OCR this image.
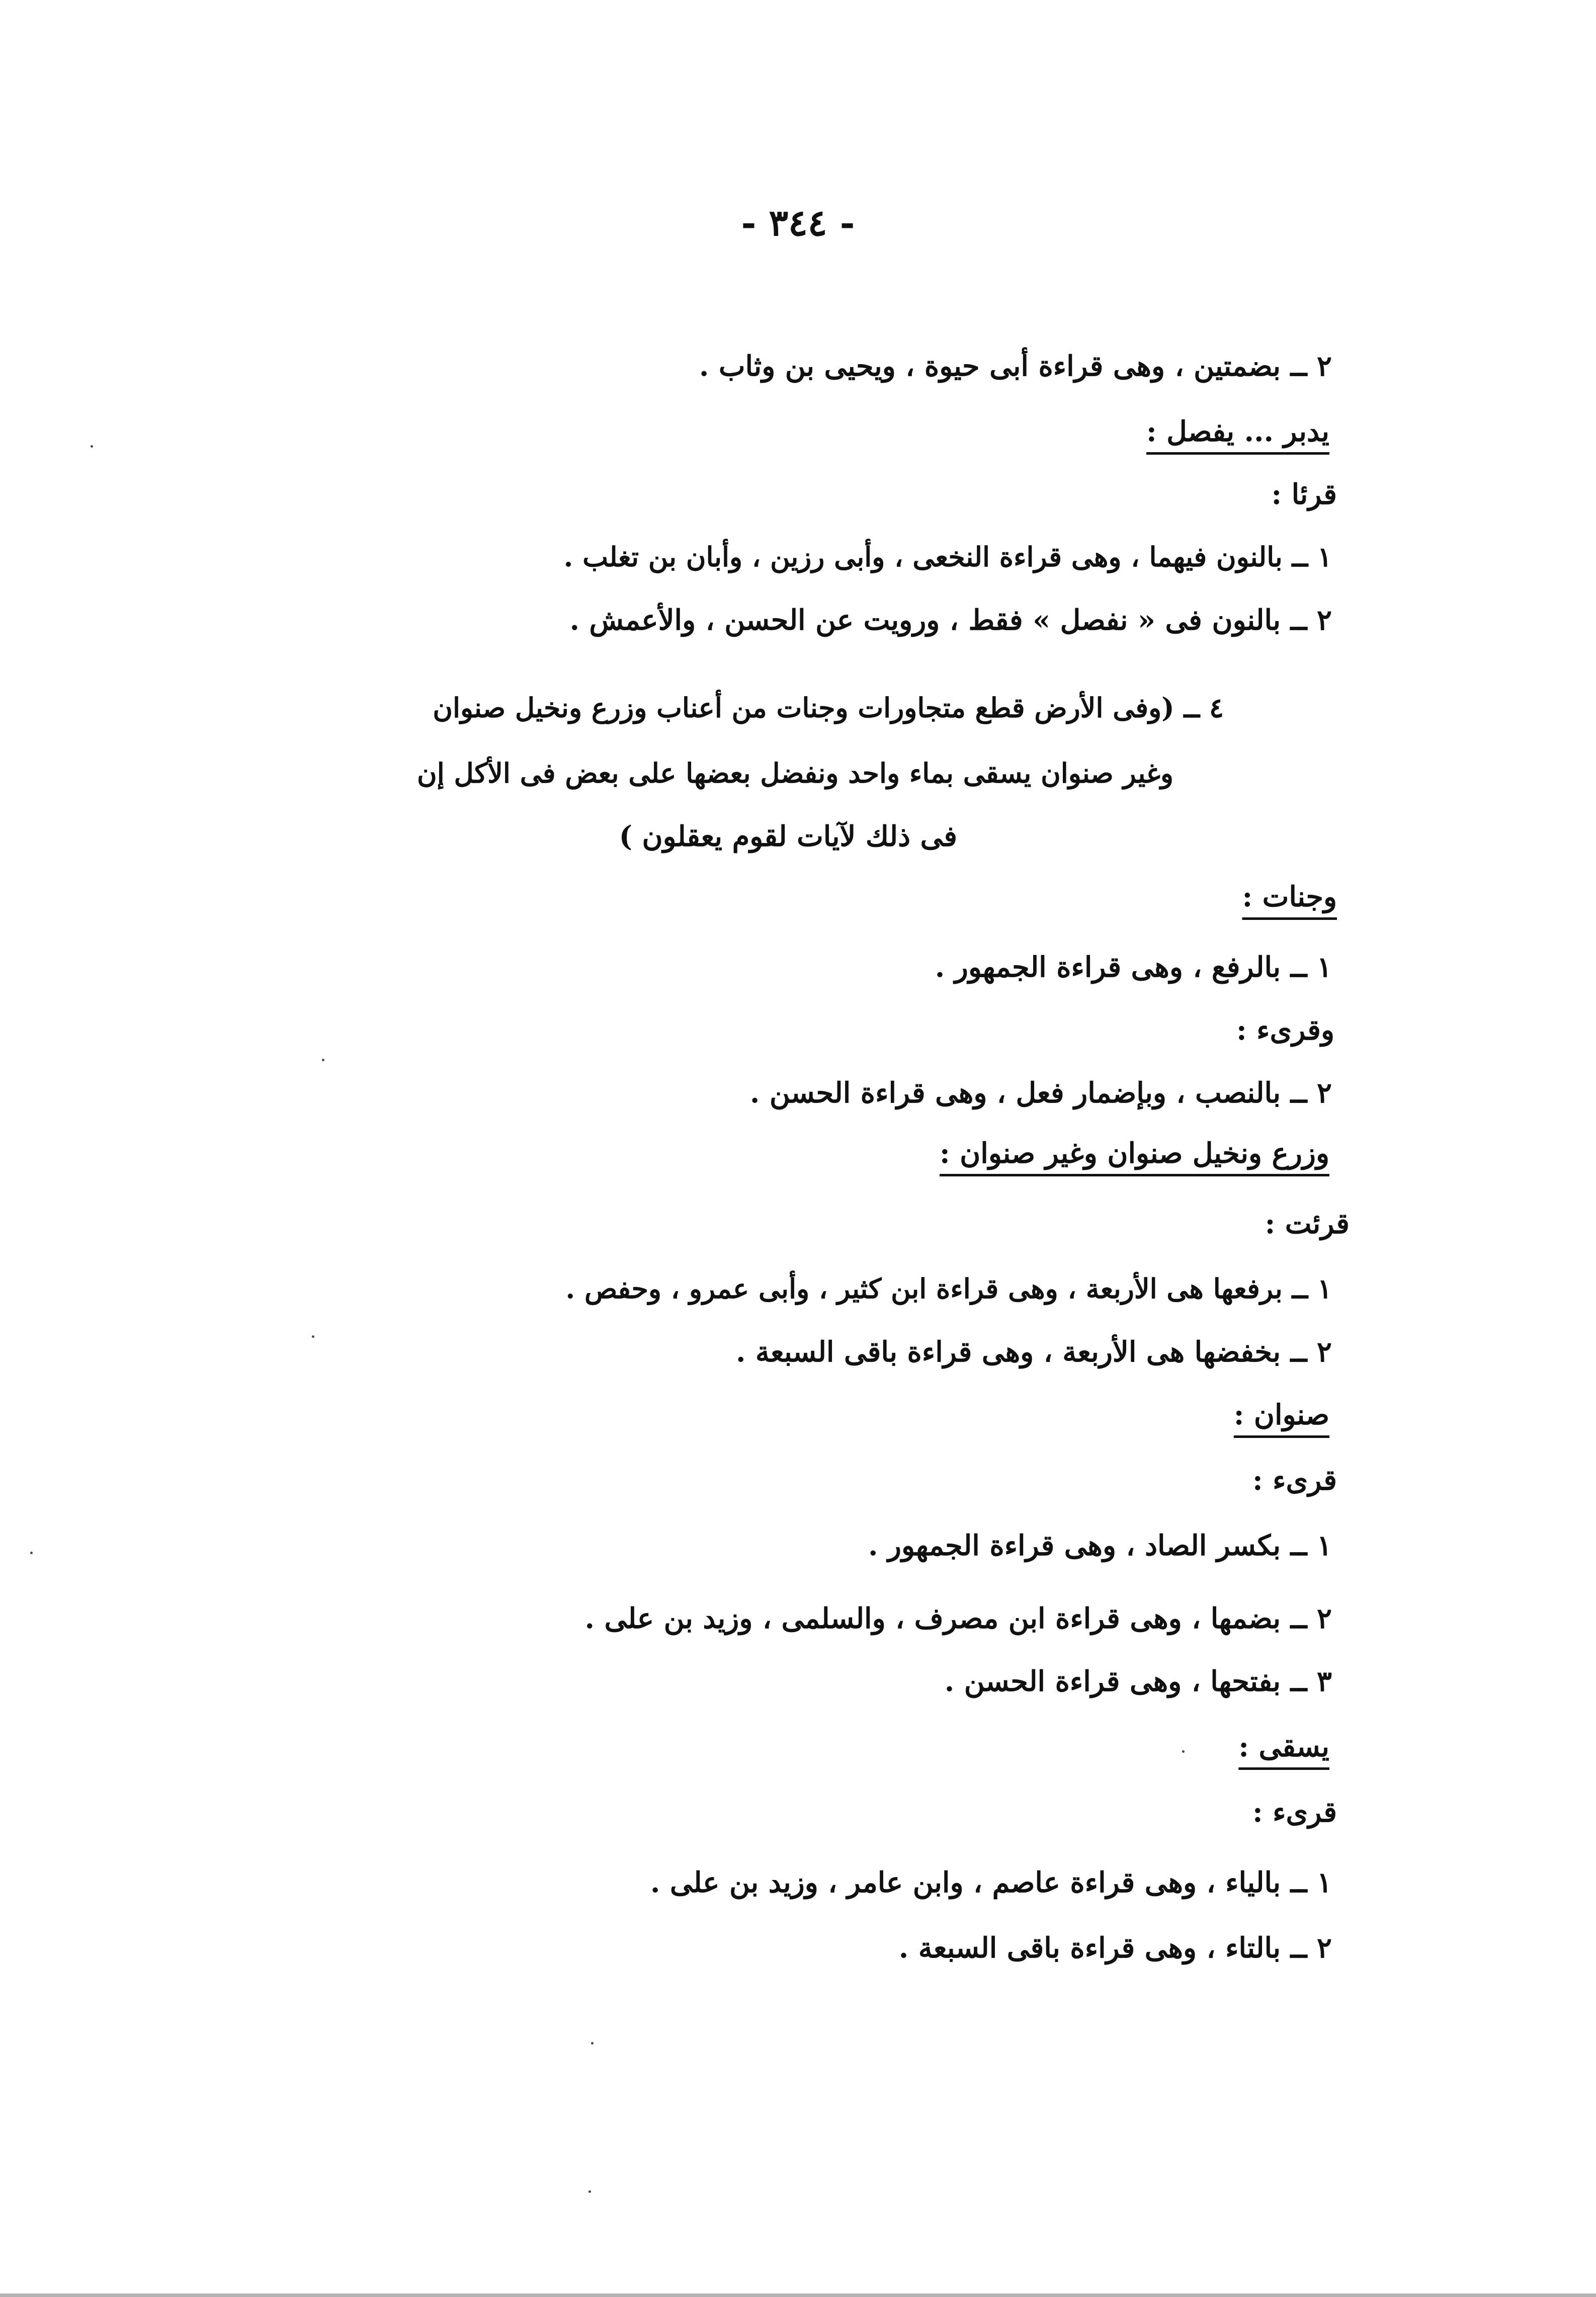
- ٣٤٤ -
٢ ــ بضمتين ، وهى قراءة أبى حيوة ، ويحيى بن وثاب .
يدبر ... يفصل :
قرئا :
١ ــ بالنون فيهما ، وهى قراءة النخعى ، وأبى رزين ، وأبان بن تغلب .
٢ ــ بالنون فى « نفصل » فقط ، ورويت عن الحسن ، والأعمش .
٤ ــ (وفى الأرض قطع متجاورات وجنات من أعناب وزرع ونخيل صنوان
وغير صنوان يسقى بماء واحد ونفضل بعضها على بعض فى الأكل إن
فى ذلك لآيات لقوم يعقلون )
وجنات :
١ ــ بالرفع ، وهى قراءة الجمهور .
وقرىء :
٢ ــ بالنصب ، وبإضمار فعل ، وهى قراءة الحسن .
وزرع ونخيل صنوان وغير صنوان :
قرئت :
١ ــ برفعها هى الأربعة ، وهى قراءة ابن كثير ، وأبى عمرو ، وحفص .
٢ ــ بخفضها هى الأربعة ، وهى قراءة باقى السبعة .
صنوان :
قرىء :
١ ــ بكسر الصاد ، وهى قراءة الجمهور .
٢ ــ بضمها ، وهى قراءة ابن مصرف ، والسلمى ، وزيد بن على .
٣ ــ بفتحها ، وهى قراءة الحسن .
يسقى :
قرىء :
١ ــ بالياء ، وهى قراءة عاصم ، وابن عامر ، وزيد بن على .
٢ ــ بالتاء ، وهى قراءة باقى السبعة .
